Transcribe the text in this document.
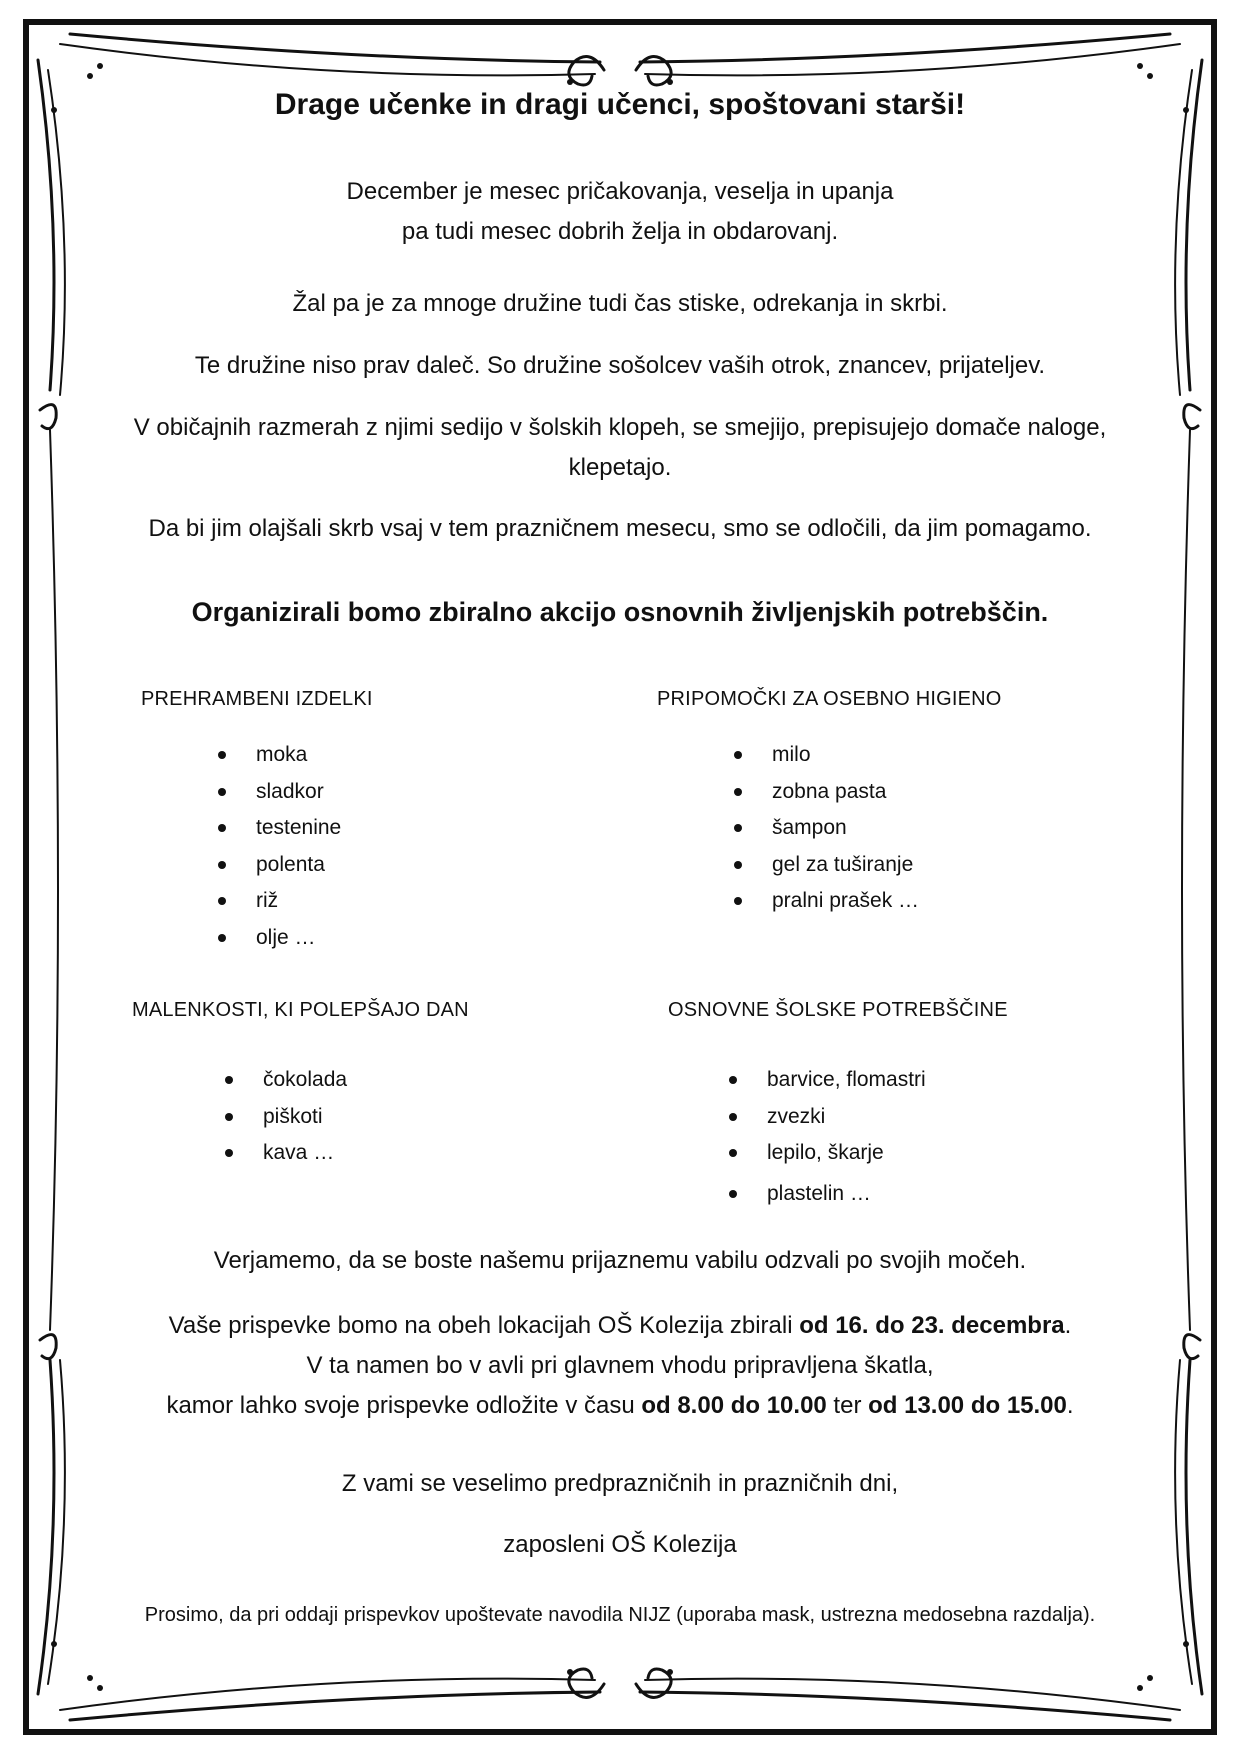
Drage učenke in dragi učenci, spoštovani starši!
December je mesec pričakovanja, veselja in upanja
pa tudi mesec dobrih želja in obdarovanj.
Žal pa je za mnoge družine tudi čas stiske, odrekanja in skrbi.
Te družine niso prav daleč. So družine sošolcev vaših otrok, znancev, prijateljev.
V običajnih razmerah z njimi sedijo v šolskih klopeh, se smejijo, prepisujejo domače naloge,
klepetajo.
Da bi jim olajšali skrb vsaj v tem prazničnem mesecu, smo se odločili, da jim pomagamo.
Organizirali bomo zbiralno akcijo osnovnih življenjskih potrebščin.
PREHRAMBENI IZDELKI
moka
sladkor
testenine
polenta
riž
olje …
PRIPOMOČKI ZA OSEBNO HIGIENO
milo
zobna pasta
šampon
gel za tuširanje
pralni prašek …
MALENKOSTI, KI POLEPŠAJO DAN
čokolada
piškoti
kava …
OSNOVNE ŠOLSKE POTREBŠČINE
barvice, flomastri
zvezki
lepilo, škarje
plastelin …
Verjamemo, da se boste našemu prijaznemu vabilu odzvali po svojih močeh.
Vaše prispevke bomo na obeh lokacijah OŠ Kolezija zbirali od 16. do 23. decembra.
V ta namen bo v avli pri glavnem vhodu pripravljena škatla,
kamor lahko svoje prispevke odložite v času od 8.00 do 10.00 ter od 13.00 do 15.00.
Z vami se veselimo predprazničnih in prazničnih dni,
zaposleni OŠ Kolezija
Prosimo, da pri oddaji prispevkov upoštevate navodila NIJZ (uporaba mask, ustrezna medosebna razdalja).
